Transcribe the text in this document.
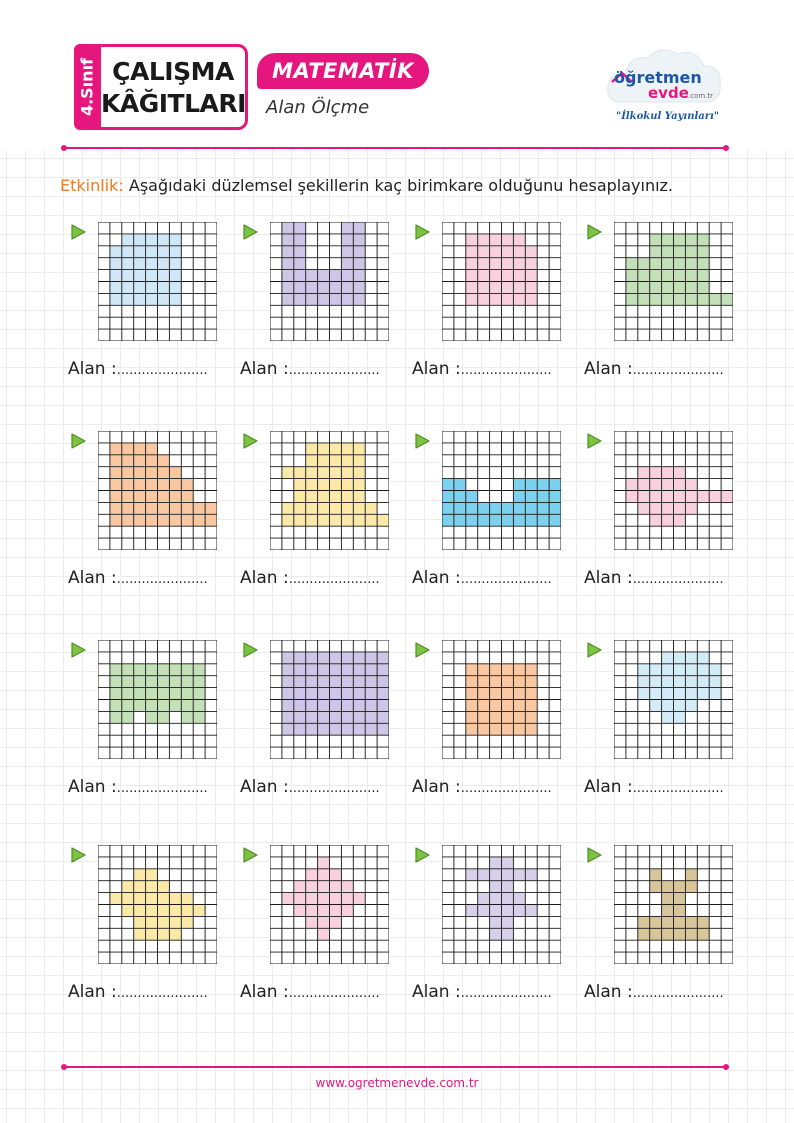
4.Sınıf ÇALIŞMA
KÂĞITLARI
MATEMATİK
Alan Ölçme
öğretmen
evde .com.tr
"İlkokul Yayınları"
Etkinlik: Aşağıdaki düzlemsel şekillerin kaç birimkare olduğunu hesaplayınız.
Alan :...................... Alan :...................... Alan :...................... Alan :......................
Alan :...................... Alan :...................... Alan :...................... Alan :......................
Alan :...................... Alan :...................... Alan :...................... Alan :......................
Alan :...................... Alan :...................... Alan :...................... Alan :......................
www.ogretmenevde.com.tr
